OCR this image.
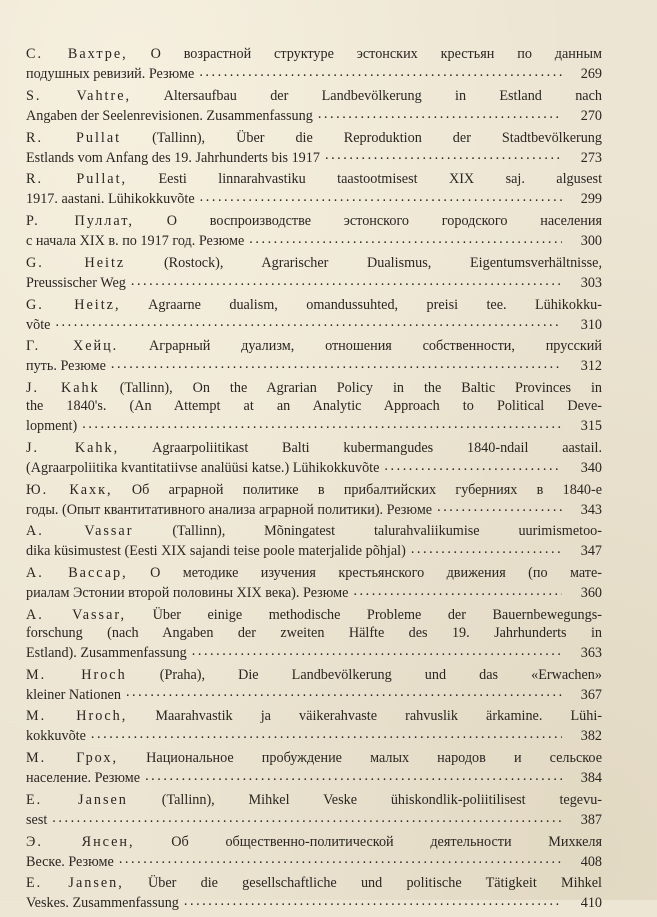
С. Вахтре, О возрастной структуре эстонских крестьян по данным
подушных ревизий. Резюме . . .	269
S. Vahtre, Altersaufbau der Landbevölkerung in Estland nach
Angaben der Seelenrevisionen. Zusammenfassung . . .	270
R. Pullat (Tallinn), Über die Reproduktion der Stadtbevölkerung
Estlands vom Anfang des 19. Jahrhunderts bis 1917 . . .	273
R. Pullat, Eesti linnarahvastiku taastootmisest XIX saj. algusest
1917. aastani. Lühikokkuvõte . . .	299
Р. Пуллат, О воспроизводстве эстонского городского населения
с начала XIX в. по 1917 год. Резюме . . .	300
G. Heitz	(Rostock), Agrarischer Dualismus, Eigentumsverhältnisse,
Preussischer Weg . . .	303
G. Heitz, Agraarne dualism, omandussuhted, preisi tee. Lühikokku-
võte . . .	310
Г. Хейц. Аграрный дуализм, отношения собственности, прусский
путь. Резюме . . .	312
J. Kahk (Tallinn), On the Agrarian Policy in the Baltic Provinces in
the 1840's. (An Attempt at an Analytic Approach to Political Deve-
lopment) . . .	315
J. Kahk, Agraarpoliitikast Balti kubermangudes 1840-ndail aastail.
(Agraarpoliitika kvantitatiivse analüüsi katse.) Lühikokkuvõte . . .	340
Ю. Кахк, Об аграрной политике в прибалтийских губерниях в 1840-е
годы. (Опыт квантитативного анализа аграрной политики). Резюме . . .	343
A. Vassar	(Tallinn), Mõningatest talurahvaliikumise uurimismetoo-
dika küsimustest (Eesti XIX sajandi teise poole materjalide põhjal) . . .	347
А. Вассар, О методике изучения крестьянского движения (по мате-
риалам Эстонии второй половины XIX века). Резюме . . .	360
A. Vassar, Über einige methodische Probleme der Bauernbewegungs-
forschung (nach Angaben der zweiten Hälfte des 19. Jahrhunderts in
Estland). Zusammenfassung . . .	363
M. Hroch (Praha), Die Landbevölkerung und das «Erwachen»
kleiner Nationen . . .	367
M. Hroch, Maarahvastik ja väikerahvaste rahvuslik ärkamine. Lühi-
kokkuvõte . . .	382
М. Грох, Национальное пробуждение малых народов и сельское
население. Резюме . . .	384
E. Jansen (Tallinn), Mihkel Veske ühiskondlik-poliitilisest tegevu-
sest . . .	387
Э. Янсен,	Об общественно-политической деятельности Михкеля
Веске. Резюме . . .	408
E. Jansen, Über die gesellschaftliche und politische Tätigkeit Mihkel
Veskes. Zusammenfassung . . .	410
